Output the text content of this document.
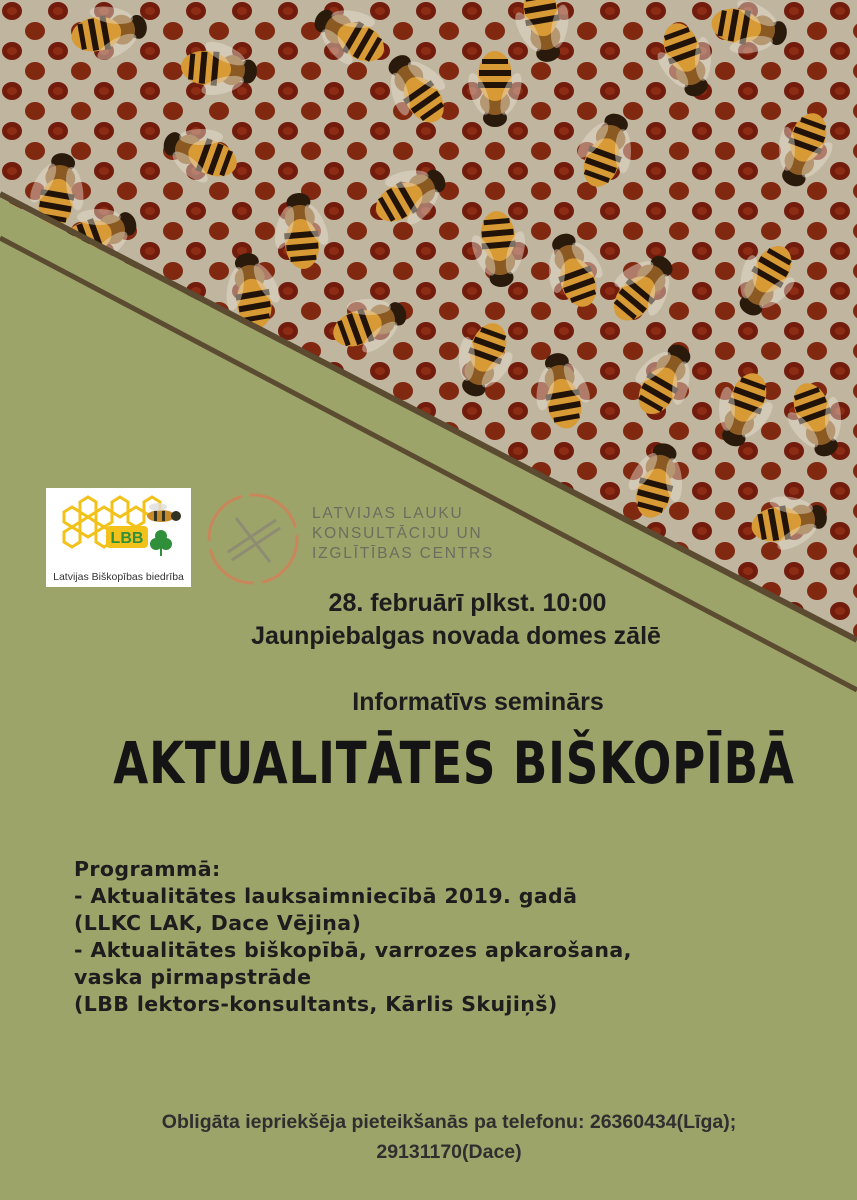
LBB
Latvijas Biškopības biedrība
LATVIJAS LAUKU
KONSULTĀCIJU UN
IZGLĪTĪBAS CENTRS
28. februārī plkst. 10:00
Jaunpiebalgas novada domes zālē
Informatīvs seminārs
AKTUALITĀTES BIŠKOPĪBĀ
Programmā:
- Aktualitātes lauksaimniecībā 2019. gadā
(LLKC LAK, Dace Vējiņa)
- Aktualitātes biškopībā, varrozes apkarošana,
vaska pirmapstrāde
(LBB lektors-konsultants, Kārlis Skujiņš)
Obligāta iepriekšēja pieteikšanās pa telefonu: 26360434(Līga);
29131170(Dace)
